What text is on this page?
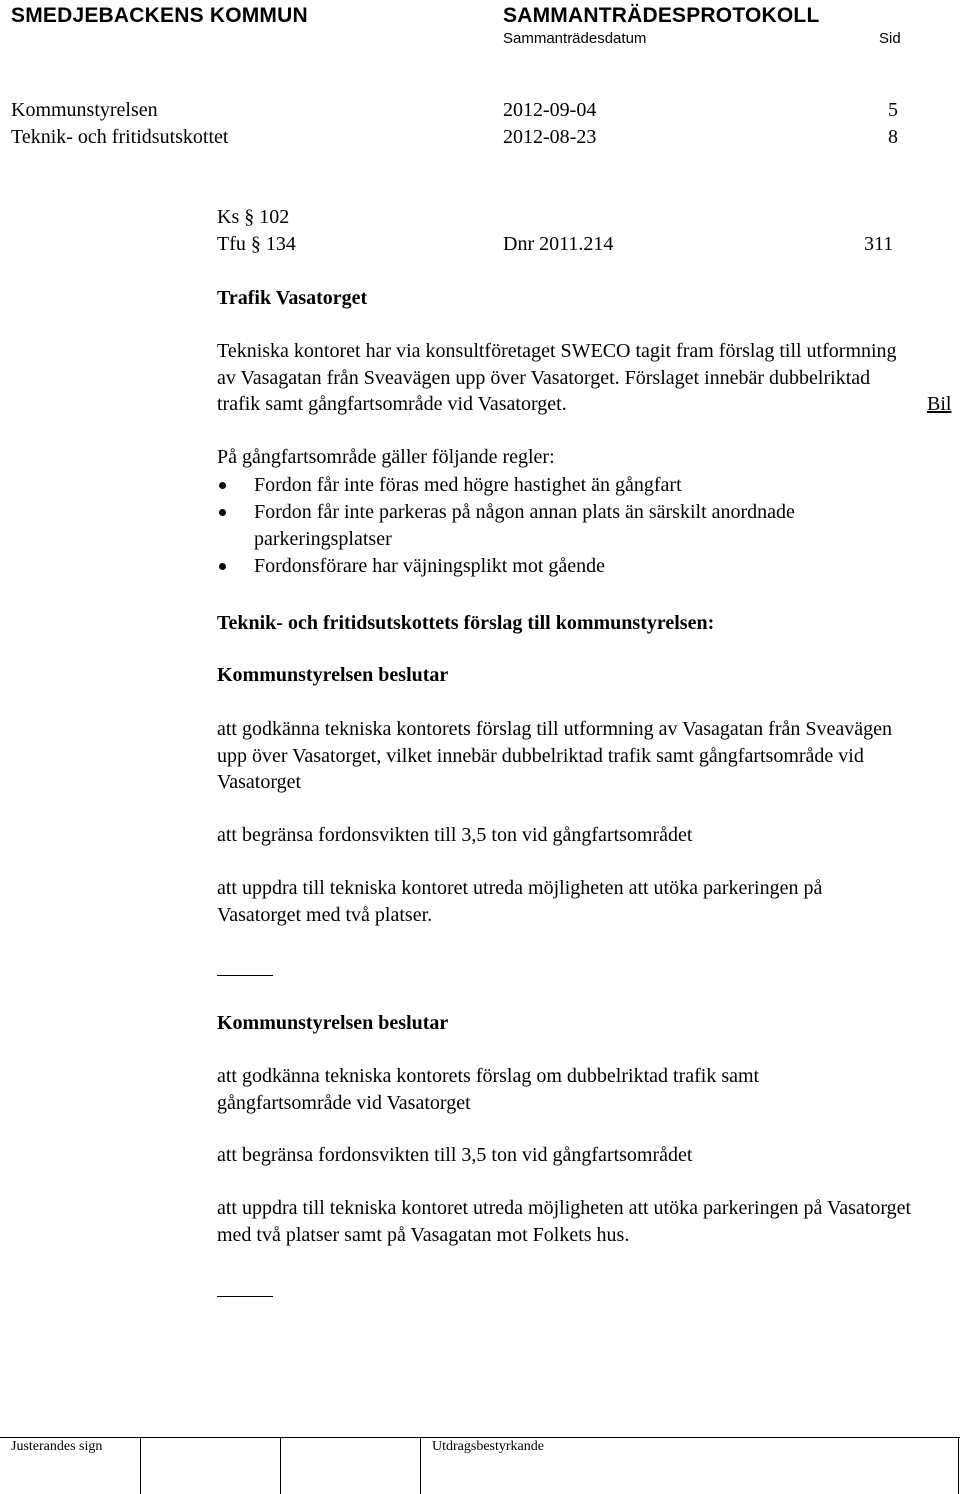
SMEDJEBACKENS KOMMUN	SAMMANTRÄDESPROTOKOLL
Sammanträdesdatum	Sid
Kommunstyrelsen	2012-09-04	5
Teknik- och fritidsutskottet	2012-08-23	8
Ks § 102
Tfu § 134	Dnr 2011.214	311
Trafik Vasatorget
Tekniska kontoret har via konsultföretaget SWECO tagit fram förslag till utformning av Vasagatan från Sveavägen upp över Vasatorget. Förslaget innebär dubbelriktad trafik samt gångfartsområde vid Vasatorget.	Bil
På gångfartsområde gäller följande regler:
Fordon får inte föras med högre hastighet än gångfart
Fordon får inte parkeras på någon annan plats än särskilt anordnade parkeringsplatser
Fordonsförare har väjningsplikt mot gående
Teknik- och fritidsutskottets förslag till kommunstyrelsen:
Kommunstyrelsen beslutar
att godkänna tekniska kontorets förslag till utformning av Vasagatan från Sveavägen upp över Vasatorget, vilket innebär dubbelriktad trafik samt gångfartsområde vid Vasatorget
att begränsa fordonsvikten till 3,5 ton vid gångfartsområdet
att uppdra till tekniska kontoret utreda möjligheten att utöka parkeringen på Vasatorget med två platser.
Kommunstyrelsen beslutar
att godkänna tekniska kontorets förslag om dubbelriktad trafik samt gångfartsområde vid Vasatorget
att begränsa fordonsvikten till 3,5 ton vid gångfartsområdet
att uppdra till tekniska kontoret utreda möjligheten att utöka parkeringen på Vasatorget med två platser samt på Vasagatan mot Folkets hus.
Justerandes sign	Utdragsbestyrkande
